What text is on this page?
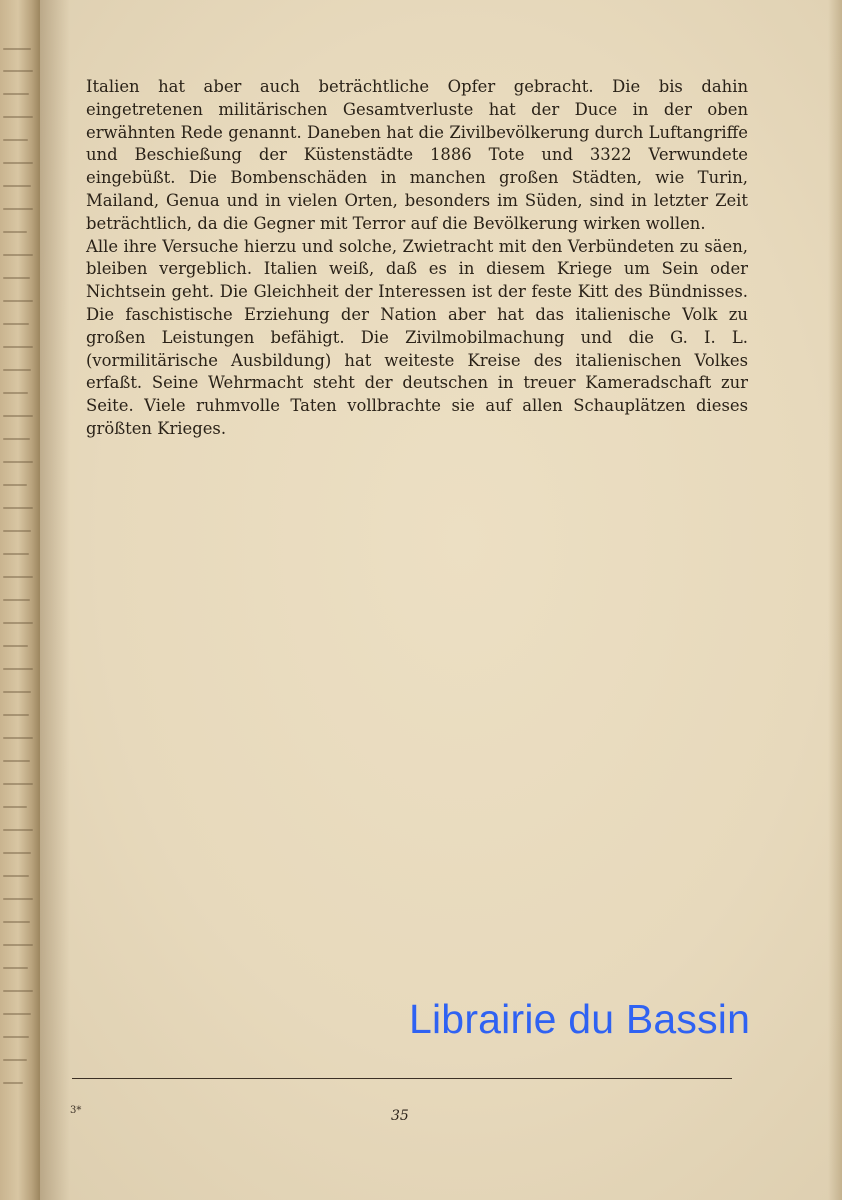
Italien hat aber auch beträchtliche Opfer gebracht. Die bis dahin eingetretenen militärischen Gesamtverluste hat der Duce in der oben erwähnten Rede genannt. Daneben hat die Zivilbevölkerung durch Luftangriffe und Beschießung der Küstenstädte 1886 Tote und 3322 Verwundete eingebüßt. Die Bombenschäden in manchen großen Städten, wie Turin, Mailand, Genua und in vielen Orten, besonders im Süden, sind in letzter Zeit beträchtlich, da die Gegner mit Terror auf die Bevölkerung wirken wollen.

Alle ihre Versuche hierzu und solche, Zwietracht mit den Verbündeten zu säen, bleiben vergeblich. Italien weiß, daß es in diesem Kriege um Sein oder Nichtsein geht. Die Gleichheit der Interessen ist der feste Kitt des Bündnisses. Die faschistische Erziehung der Nation aber hat das italienische Volk zu großen Leistungen befähigt. Die Zivilmobilmachung und die G. I. L. (vormilitärische Ausbildung) hat weiteste Kreise des italienischen Volkes erfaßt. Seine Wehrmacht steht der deutschen in treuer Kameradschaft zur Seite. Viele ruhmvolle Taten vollbrachte sie auf allen Schauplätzen dieses größten Krieges.

Librairie du Bassin
3*	35
